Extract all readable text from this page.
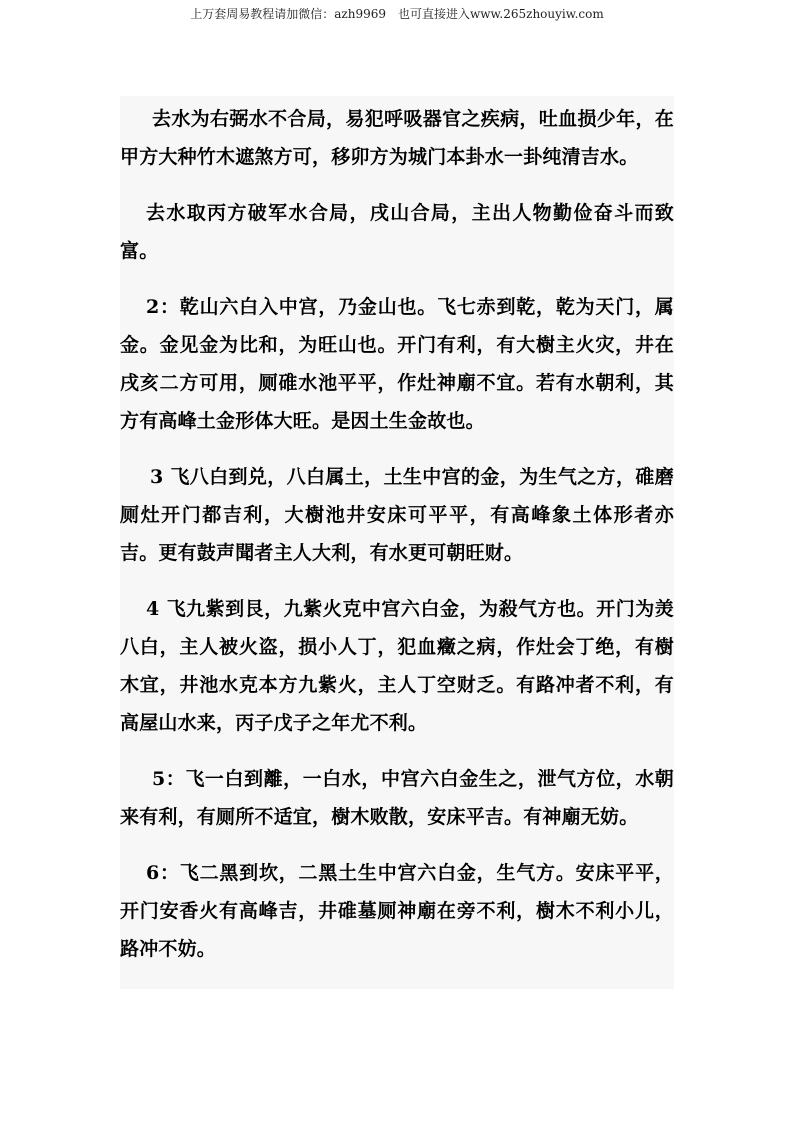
上万套周易教程请加微信：azh9969　也可直接进入www.265zhouyiw.com

去水为右弼水不合局，易犯呼吸器官之疾病，吐血损少年，在甲方大种竹木遮煞方可，移卯方为城门本卦水一卦纯清吉水。

去水取丙方破军水合局，戌山合局，主出人物勤俭奋斗而致富。

2：乾山六白入中宫，乃金山也。飞七赤到乾，乾为天门，属金。金见金为比和，为旺山也。开门有利，有大樹主火灾，井在戌亥二方可用，厕碓水池平平，作灶神廟不宜。若有水朝利，其方有高峰土金形体大旺。是因土生金故也。

3 飞八白到兑，八白属土，土生中宫的金，为生气之方，碓磨厕灶开门都吉利，大樹池井安床可平平，有高峰象土体形者亦吉。更有鼓声聞者主人大利，有水更可朝旺财。

4 飞九紫到艮，九紫火克中宫六白金，为殺气方也。开门为羙八白，主人被火盗，损小人丁，犯血癥之病，作灶会丁绝，有樹木宜，井池水克本方九紫火，主人丁空财乏。有路冲者不利，有高屋山水来，丙子戊子之年尤不利。

5：飞一白到離，一白水，中宫六白金生之，泄气方位，水朝来有利，有厕所不适宜，樹木败散，安床平吉。有神廟无妨。

6：飞二黑到坎，二黑土生中宫六白金，生气方。安床平平，开门安香火有高峰吉，井碓墓厕神廟在旁不利，樹木不利小儿，路冲不妨。
